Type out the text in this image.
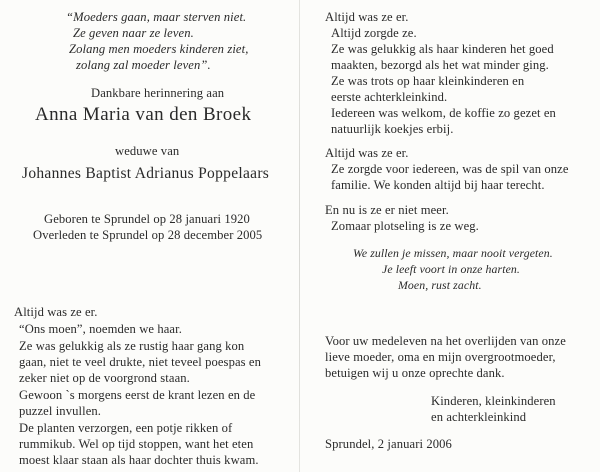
“Moeders gaan, maar sterven niet.
Ze geven naar ze leven.
Zolang men moeders kinderen ziet,
zolang zal moeder leven”.
Dankbare herinnering aan
Anna Maria van den Broek
weduwe van
Johannes Baptist Adrianus Poppelaars
Geboren te Sprundel op 28 januari 1920
Overleden te Sprundel op 28 december 2005
Altijd was ze er.
“Ons moen”, noemden we haar.
Ze was gelukkig als ze rustig haar gang kon
gaan, niet te veel drukte, niet teveel poespas en
zeker niet op de voorgrond staan.
Gewoon `s morgens eerst de krant lezen en de
puzzel invullen.
De planten verzorgen, een potje rikken of
rummikub. Wel op tijd stoppen, want het eten
moest klaar staan als haar dochter thuis kwam.
Altijd was ze er.
Altijd zorgde ze.
Ze was gelukkig als haar kinderen het goed
maakten, bezorgd als het wat minder ging.
Ze was trots op haar kleinkinderen en
eerste achterkleinkind.
Iedereen was welkom, de koffie zo gezet en
natuurlijk koekjes erbij.
Altijd was ze er.
Ze zorgde voor iedereen, was de spil van onze
familie. We konden altijd bij haar terecht.
En nu is ze er niet meer.
Zomaar plotseling is ze weg.
We zullen je missen, maar nooit vergeten.
Je leeft voort in onze harten.
Moen, rust zacht.
Voor uw medeleven na het overlijden van onze
lieve moeder, oma en mijn overgrootmoeder,
betuigen wij u onze oprechte dank.
Kinderen, kleinkinderen
en achterkleinkind
Sprundel, 2 januari 2006
